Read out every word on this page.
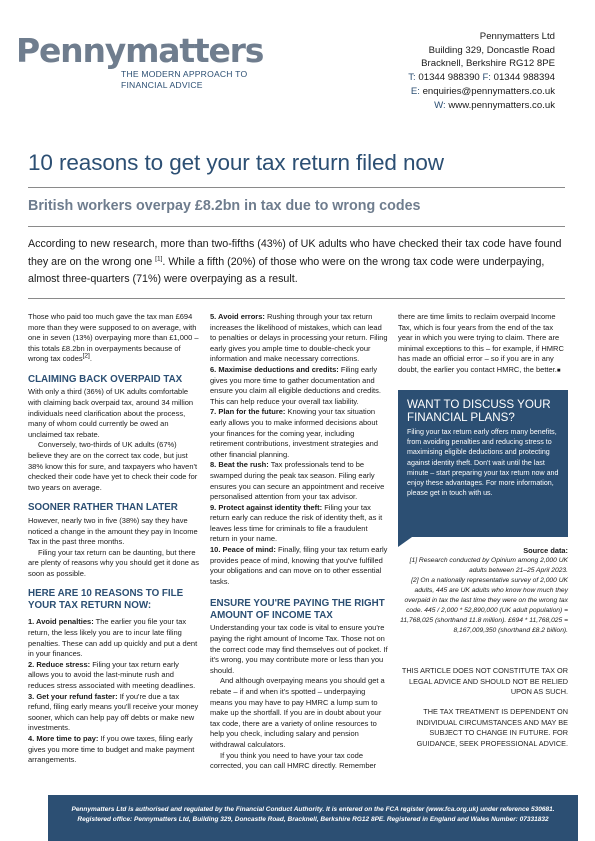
Pennymatters
THE MODERN APPROACH TO
FINANCIAL ADVICE
Pennymatters Ltd
Building 329, Doncastle Road
Bracknell, Berkshire RG12 8PE
T: 01344 988390 F: 01344 988394
E: enquiries@pennymatters.co.uk
W: www.pennymatters.co.uk
10 reasons to get your tax return filed now
British workers overpay £8.2bn in tax due to wrong codes

According to new research, more than two-fifths (43%) of UK adults who have checked their tax code have found they are on the wrong one [1]. While a fifth (20%) of those who were on the wrong tax code were underpaying, almost three-quarters (71%) were overpaying as a result.

Those who paid too much gave the tax man £694 more than they were supposed to on average, with one in seven (13%) overpaying more than £1,000 – this totals £8.2bn in overpayments because of wrong tax codes[2].

CLAIMING BACK OVERPAID TAX

With only a third (36%) of UK adults comfortable with claiming back overpaid tax, around 34 million individuals need clarification about the process, many of whom could currently be owed an unclaimed tax rebate.

Conversely, two-thirds of UK adults (67%) believe they are on the correct tax code, but just 38% know this for sure, and taxpayers who haven't checked their code have yet to check their code for two years on average.

SOONER RATHER THAN LATER

However, nearly two in five (38%) say they have noticed a change in the amount they pay in Income Tax in the past three months.

Filing your tax return can be daunting, but there are plenty of reasons why you should get it done as soon as possible.

HERE ARE 10 REASONS TO FILE YOUR TAX RETURN NOW:

1. Avoid penalties: The earlier you file your tax return, the less likely you are to incur late filing penalties. These can add up quickly and put a dent in your finances.

2. Reduce stress: Filing your tax return early allows you to avoid the last-minute rush and reduces stress associated with meeting deadlines.

3. Get your refund faster: If you're due a tax refund, filing early means you'll receive your money sooner, which can help pay off debts or make new investments.

4. More time to pay: If you owe taxes, filing early gives you more time to budget and make payment arrangements.

5. Avoid errors: Rushing through your tax return increases the likelihood of mistakes, which can lead to penalties or delays in processing your return. Filing early gives you ample time to double-check your information and make necessary corrections.

6. Maximise deductions and credits: Filing early gives you more time to gather documentation and ensure you claim all eligible deductions and credits. This can help reduce your overall tax liability.

7. Plan for the future: Knowing your tax situation early allows you to make informed decisions about your finances for the coming year, including retirement contributions, investment strategies and other financial planning.

8. Beat the rush: Tax professionals tend to be swamped during the peak tax season. Filing early ensures you can secure an appointment and receive personalised attention from your tax advisor.

9. Protect against identity theft: Filing your tax return early can reduce the risk of identity theft, as it leaves less time for criminals to file a fraudulent return in your name.

10. Peace of mind: Finally, filing your tax return early provides peace of mind, knowing that you've fulfilled your obligations and can move on to other essential tasks.

ENSURE YOU'RE PAYING THE RIGHT AMOUNT OF INCOME TAX

Understanding your tax code is vital to ensure you're paying the right amount of Income Tax. Those not on the correct code may find themselves out of pocket. If it's wrong, you may contribute more or less than you should.

And although overpaying means you should get a rebate – if and when it's spotted – underpaying means you may have to pay HMRC a lump sum to make up the shortfall. If you are in doubt about your tax code, there are a variety of online resources to help you check, including salary and pension withdrawal calculators.

If you think you need to have your tax code corrected, you can call HMRC directly. Remember

there are time limits to reclaim overpaid Income Tax, which is four years from the end of the tax year in which you were trying to claim. There are minimal exceptions to this – for example, if HMRC has made an official error – so if you are in any doubt, the earlier you contact HMRC, the better.■

WANT TO DISCUSS YOUR
FINANCIAL PLANS?

Filing your tax return early offers many benefits, from avoiding penalties and reducing stress to maximising eligible deductions and protecting against identity theft. Don't wait until the last minute – start preparing your tax return now and enjoy these advantages. For more information, please get in touch with us.

Source data:
[1] Research conducted by Opinium among 2,000 UK adults between 21–25 April 2023.
[2] On a nationally representative survey of 2,000 UK adults, 445 are UK adults who know how much they overpaid in tax the last time they were on the wrong tax code. 445 / 2,000 * 52,890,000 (UK adult population) = 11,768,025 (shorthand 11.8 million). £694 * 11,768,025 = 8,167,009,350 (shorthand £8.2 billion).
THIS ARTICLE DOES NOT CONSTITUTE TAX OR LEGAL ADVICE AND SHOULD NOT BE RELIED UPON AS SUCH.
THE TAX TREATMENT IS DEPENDENT ON INDIVIDUAL CIRCUMSTANCES AND MAY BE SUBJECT TO CHANGE IN FUTURE. FOR GUIDANCE, SEEK PROFESSIONAL ADVICE.
Pennymatters Ltd is authorised and regulated by the Financial Conduct Authority. It is entered on the FCA register (www.fca.org.uk) under reference 530681.
Registered office: Pennymatters Ltd, Building 329, Doncastle Road, Bracknell, Berkshire RG12 8PE. Registered in England and Wales Number: 07331832
